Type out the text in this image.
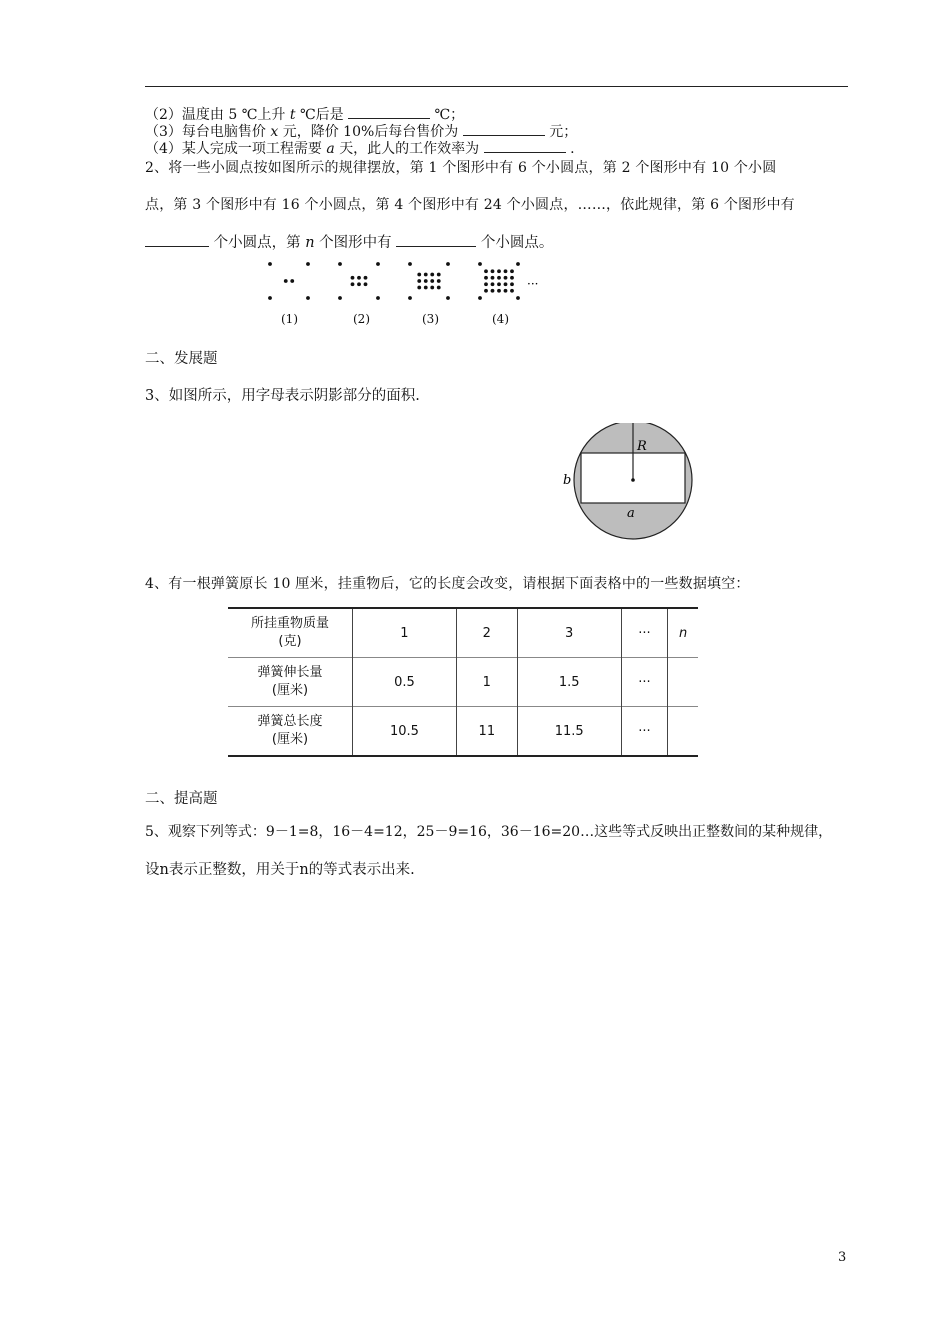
（2）温度由 5 ℃上升 t ℃后是	℃；
（3）每台电脑售价 x 元，降价 10%后每台售价为	元；
（4）某人完成一项工程需要 a 天，此人的工作效率为	.
2、将一些小圆点按如图所示的规律摆放，第 1 个图形中有 6 个小圆点，第 2 个图形中有 10 个小圆
点，第 3 个图形中有 16 个小圆点，第 4 个图形中有 24 个小圆点，……，依此规律，第 6 个图形中有
个小圆点，第 n 个图形中有	个小圆点。
···
(1)	(2)	(3)	(4)
二、发展题
3、如图所示，用字母表示阴影部分的面积.
R
b
a
4、有一根弹簧原长 10 厘米，挂重物后，它的长度会改变，请根据下面表格中的一些数据填空：
所挂重物质量
(克)	1	2	3	···	n
弹簧伸长量
(厘米)	0.5	1	1.5	···	
弹簧总长度
(厘米)	10.5	11	11.5	···	
二、提高题
5、观察下列等式：9－1=8，16－4=12，25－9=16，36－16=20…这些等式反映出正整数间的某种规律，
设n表示正整数，用关于n的等式表示出来.
3
